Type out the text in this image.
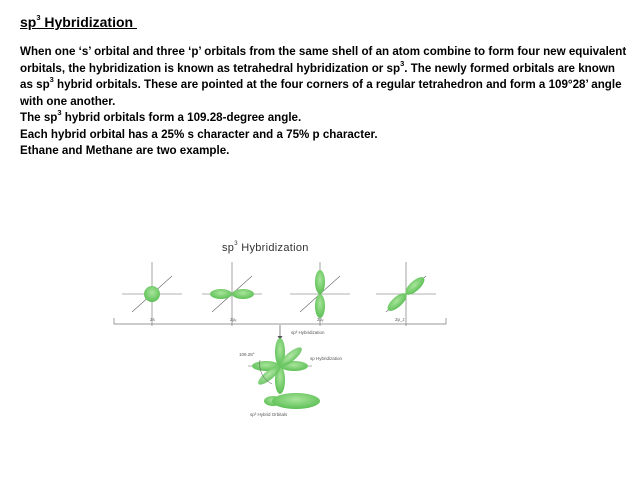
$sp^3$ Hybridization

When one ‘s’ orbital and three ‘p’ orbitals from the same shell of an atom combine to form four new equivalent orbitals, the hybridization is known as tetrahedral hybridization or $sp^3$. The newly formed orbitals are known as $sp^3$ hybrid orbitals. These are pointed at the four corners of a regular tetrahedron and form a 109°28’ angle with one another.

The $sp^3$ hybrid orbitals form a 109.28-degree angle.

Each hybrid orbital has a 25% s character and a 75% p character.

Ethane and Methane are two example.

$sp^3$ Hybridization
2s	2pₓ	2pᵧ	2p_z
sp³ Hybridization
109.28°
sp Hybridization
sp³ Hybrid Orbitals
